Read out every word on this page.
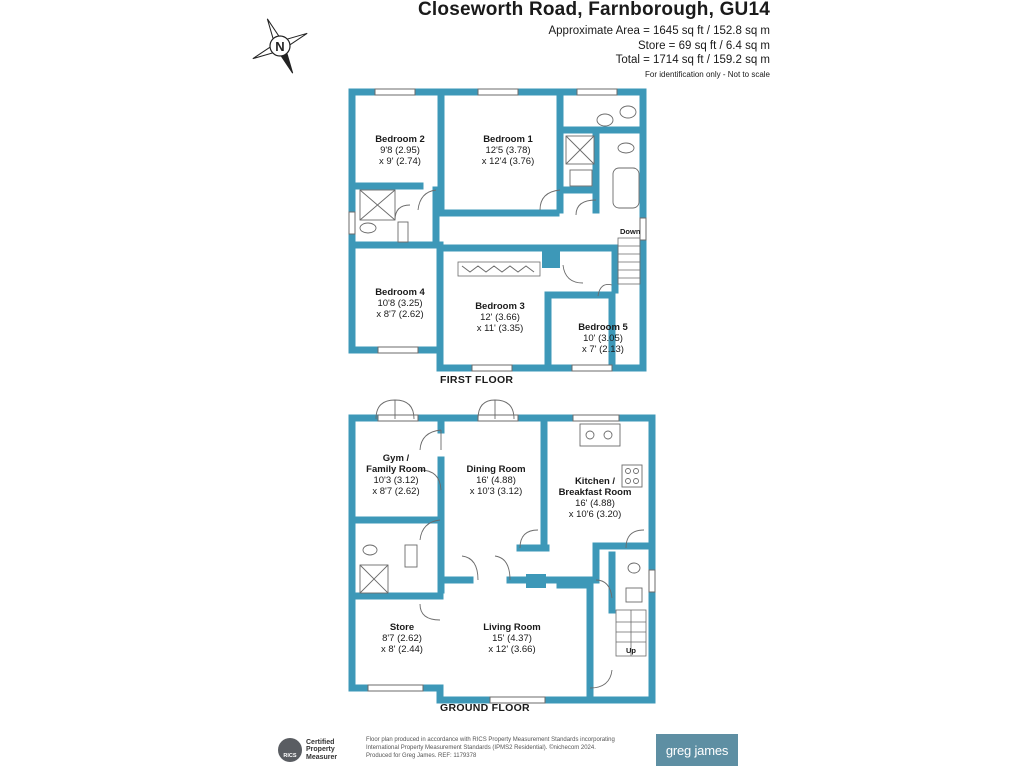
Closeworth Road, Farnborough, GU14
Approximate Area = 1645 sq ft / 152.8 sq m
Store = 69 sq ft / 6.4 sq m
Total = 1714 sq ft / 159.2 sq m
For identification only - Not to scale
N
Bedroom 2
9'8 (2.95)
x 9' (2.74)
Bedroom 1
12'5 (3.78)
x 12'4 (3.76)
Bedroom 4
10'8 (3.25)
x 8'7 (2.62)
Bedroom 3
12' (3.66)
x 11' (3.35)	Bedroom 5
10' (3.05)
x 7' (2.13)
Down
FIRST FLOOR
Gym /
Family Room
10'3 (3.12)
x 8'7 (2.62)
Dining Room
16' (4.88)
x 10'3 (3.12)
Kitchen /
Breakfast Room
16' (4.88)
x 10'6 (3.20)
Store
8'7 (2.62)
x 8' (2.44)
Living Room
15' (4.37)
x 12' (3.66)	Up
GROUND FLOOR
RICS
Certified
Property
Measurer
Floor plan produced in accordance with RICS Property Measurement Standards incorporating
International Property Measurement Standards (IPMS2 Residential). ©nichecom 2024.
Produced for Greg James. REF: 1179378	greg james
